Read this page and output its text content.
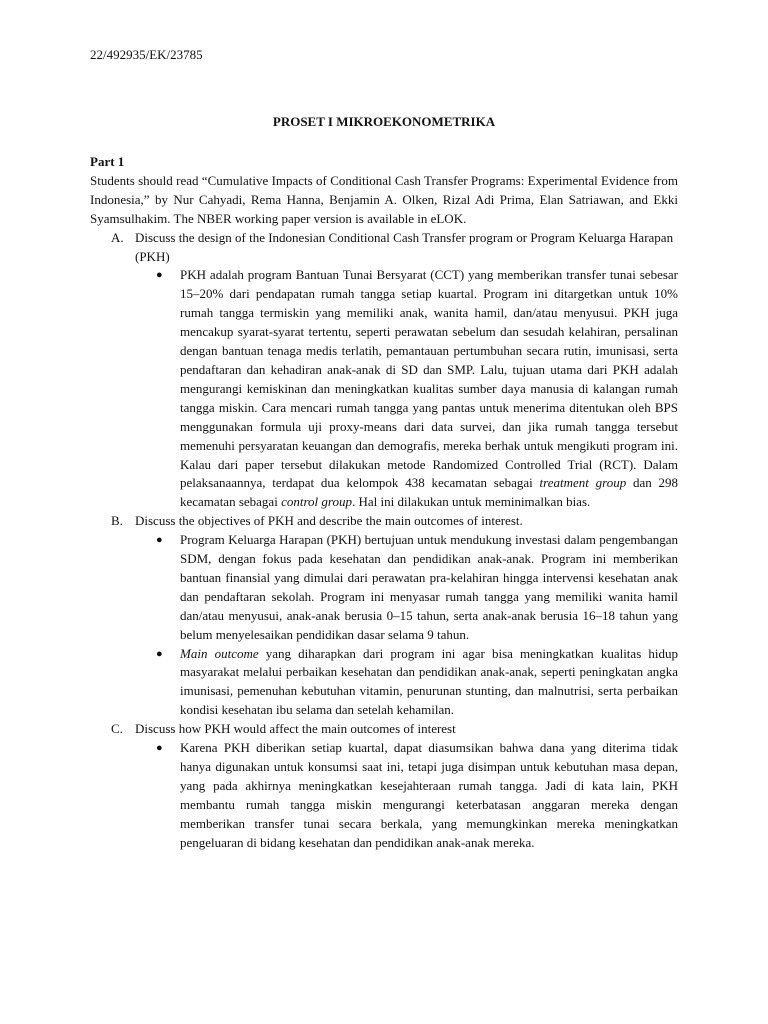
22/492935/EK/23785
PROSET I MIKROEKONOMETRIKA

Part 1

Students should read “Cumulative Impacts of Conditional Cash Transfer Programs: Experimental Evidence from Indonesia,” by Nur Cahyadi, Rema Hanna, Benjamin A. Olken, Rizal Adi Prima, Elan Satriawan, and Ekki Syamsulhakim. The NBER working paper version is available in eLOK.

A. Discuss the design of the Indonesian Conditional Cash Transfer program or Program Keluarga Harapan (PKH)
● PKH adalah program Bantuan Tunai Bersyarat (CCT) yang memberikan transfer tunai sebesar 15–20% dari pendapatan rumah tangga setiap kuartal. Program ini ditargetkan untuk 10% rumah tangga termiskin yang memiliki anak, wanita hamil, dan/atau menyusui. PKH juga mencakup syarat-syarat tertentu, seperti perawatan sebelum dan sesudah kelahiran, persalinan dengan bantuan tenaga medis terlatih, pemantauan pertumbuhan secara rutin, imunisasi, serta pendaftaran dan kehadiran anak-anak di SD dan SMP. Lalu, tujuan utama dari PKH adalah mengurangi kemiskinan dan meningkatkan kualitas sumber daya manusia di kalangan rumah tangga miskin. Cara mencari rumah tangga yang pantas untuk menerima ditentukan oleh BPS menggunakan formula uji proxy-means dari data survei, dan jika rumah tangga tersebut memenuhi persyaratan keuangan dan demografis, mereka berhak untuk mengikuti program ini. Kalau dari paper tersebut dilakukan metode Randomized Controlled Trial (RCT). Dalam pelaksanaannya, terdapat dua kelompok 438 kecamatan sebagai treatment group dan 298 kecamatan sebagai control group. Hal ini dilakukan untuk meminimalkan bias.
B. Discuss the objectives of PKH and describe the main outcomes of interest.
● Program Keluarga Harapan (PKH) bertujuan untuk mendukung investasi dalam pengembangan SDM, dengan fokus pada kesehatan dan pendidikan anak-anak. Program ini memberikan bantuan finansial yang dimulai dari perawatan pra-kelahiran hingga intervensi kesehatan anak dan pendaftaran sekolah. Program ini menyasar rumah tangga yang memiliki wanita hamil dan/atau menyusui, anak-anak berusia 0–15 tahun, serta anak-anak berusia 16–18 tahun yang belum menyelesaikan pendidikan dasar selama 9 tahun.
● Main outcome yang diharapkan dari program ini agar bisa meningkatkan kualitas hidup masyarakat melalui perbaikan kesehatan dan pendidikan anak-anak, seperti peningkatan angka imunisasi, pemenuhan kebutuhan vitamin, penurunan stunting, dan malnutrisi, serta perbaikan kondisi kesehatan ibu selama dan setelah kehamilan.
C. Discuss how PKH would affect the main outcomes of interest
● Karena PKH diberikan setiap kuartal, dapat diasumsikan bahwa dana yang diterima tidak hanya digunakan untuk konsumsi saat ini, tetapi juga disimpan untuk kebutuhan masa depan, yang pada akhirnya meningkatkan kesejahteraan rumah tangga. Jadi di kata lain, PKH membantu rumah tangga miskin mengurangi keterbatasan anggaran mereka dengan memberikan transfer tunai secara berkala, yang memungkinkan mereka meningkatkan pengeluaran di bidang kesehatan dan pendidikan anak-anak mereka.
